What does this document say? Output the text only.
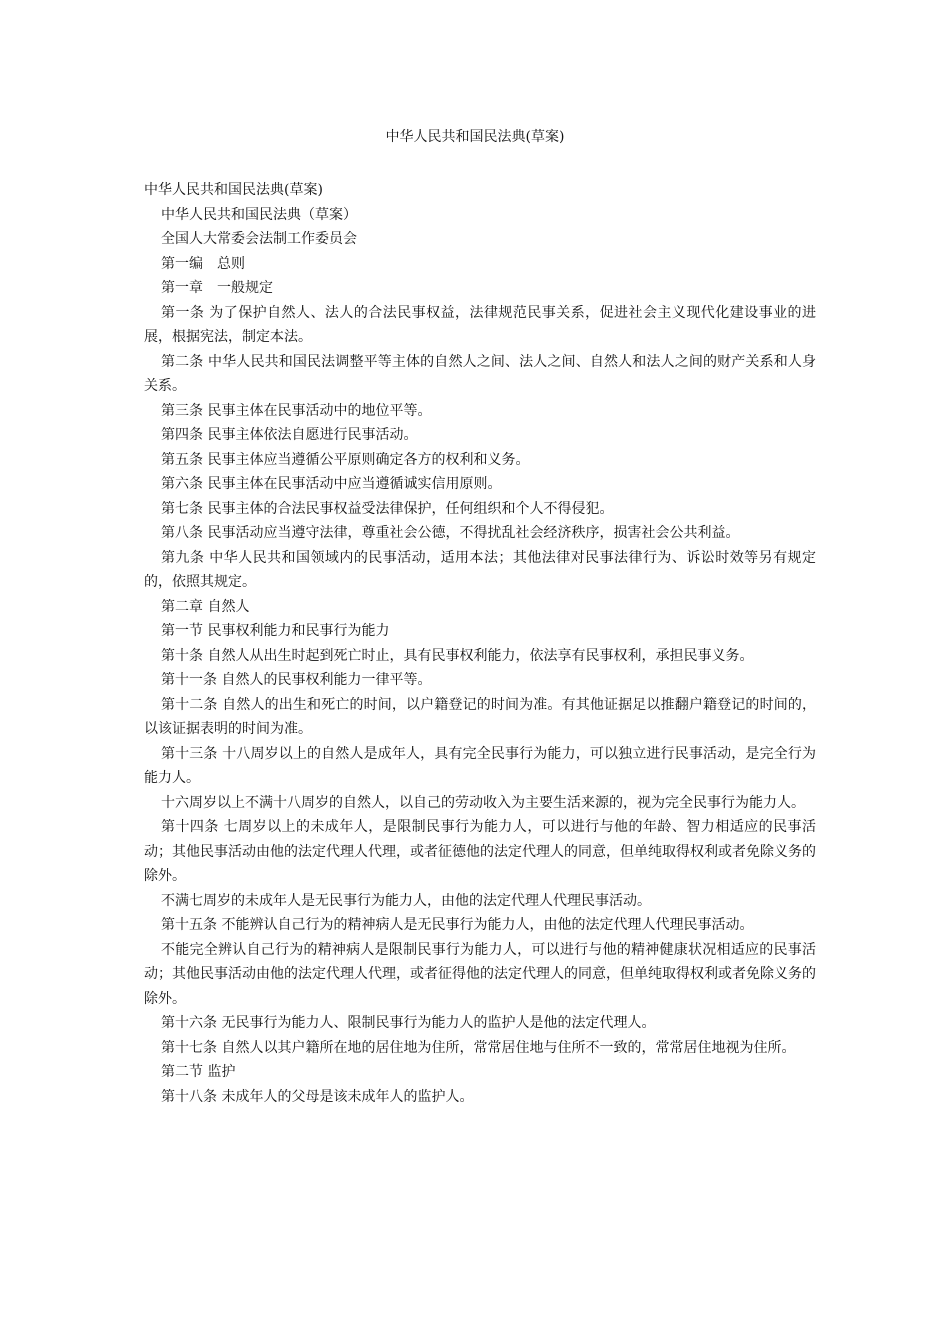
中华人民共和国民法典(草案)

中华人民共和国民法典(草案)

中华人民共和国民法典（草案）

全国人大常委会法制工作委员会

第一编　总则

第一章　一般规定

第一条 为了保护自然人、法人的合法民事权益，法律规范民事关系，促进社会主义现代化建设事业的进展，根据宪法，制定本法。

第二条 中华人民共和国民法调整平等主体的自然人之间、法人之间、自然人和法人之间的财产关系和人身关系。

第三条 民事主体在民事活动中的地位平等。

第四条 民事主体依法自愿进行民事活动。

第五条 民事主体应当遵循公平原则确定各方的权利和义务。

第六条 民事主体在民事活动中应当遵循诚实信用原则。

第七条 民事主体的合法民事权益受法律保护，任何组织和个人不得侵犯。

第八条 民事活动应当遵守法律，尊重社会公德，不得扰乱社会经济秩序，损害社会公共利益。

第九条 中华人民共和国领域内的民事活动，适用本法；其他法律对民事法律行为、诉讼时效等另有规定的，依照其规定。

第二章 自然人

第一节 民事权利能力和民事行为能力

第十条 自然人从出生时起到死亡时止，具有民事权利能力，依法享有民事权利，承担民事义务。

第十一条 自然人的民事权利能力一律平等。

第十二条 自然人的出生和死亡的时间，以户籍登记的时间为准。有其他证据足以推翻户籍登记的时间的，以该证据表明的时间为准。

第十三条 十八周岁以上的自然人是成年人，具有完全民事行为能力，可以独立进行民事活动，是完全行为能力人。

十六周岁以上不满十八周岁的自然人，以自己的劳动收入为主要生活来源的，视为完全民事行为能力人。

第十四条 七周岁以上的未成年人，是限制民事行为能力人，可以进行与他的年龄、智力相适应的民事活动；其他民事活动由他的法定代理人代理，或者征德他的法定代理人的同意，但单纯取得权利或者免除义务的除外。

不满七周岁的未成年人是无民事行为能力人，由他的法定代理人代理民事活动。

第十五条 不能辨认自己行为的精神病人是无民事行为能力人，由他的法定代理人代理民事活动。

不能完全辨认自己行为的精神病人是限制民事行为能力人，可以进行与他的精神健康状况相适应的民事活动；其他民事活动由他的法定代理人代理，或者征得他的法定代理人的同意，但单纯取得权利或者免除义务的除外。

第十六条 无民事行为能力人、限制民事行为能力人的监护人是他的法定代理人。

第十七条 自然人以其户籍所在地的居住地为住所，常常居住地与住所不一致的，常常居住地视为住所。

第二节 监护

第十八条 未成年人的父母是该未成年人的监护人。
